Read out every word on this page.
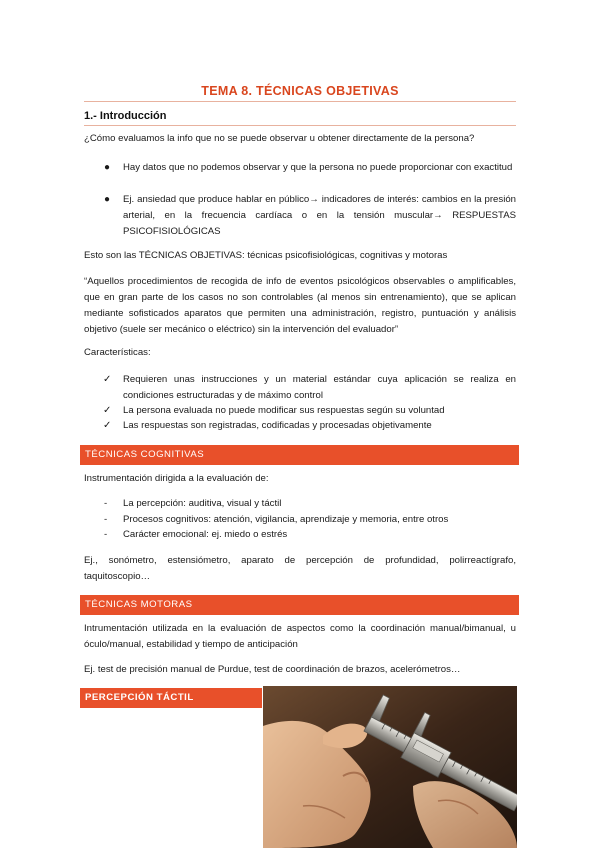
TEMA 8. TÉCNICAS OBJETIVAS
1.- Introducción
¿Cómo evaluamos la info que no se puede observar u obtener directamente de la persona?
●	Hay datos que no podemos observar y que la persona no puede proporcionar con exactitud
●	Ej. ansiedad que produce hablar en público→ indicadores de interés: cambios en la presión arterial, en la frecuencia cardíaca o en la tensión muscular→ RESPUESTAS PSICOFISIOLÓGICAS
Esto son las TÉCNICAS OBJETIVAS: técnicas psicofisiológicas, cognitivas y motoras
“Aquellos procedimientos de recogida de info de eventos psicológicos observables o amplificables, que en gran parte de los casos no son controlables (al menos sin entrenamiento), que se aplican mediante sofisticados aparatos que permiten una administración, registro, puntuación y análisis objetivo (suele ser mecánico o eléctrico) sin la intervención del evaluador”
Características:
✓	Requieren unas instrucciones y un material estándar cuya aplicación se realiza en condiciones estructuradas y de máximo control
✓	La persona evaluada no puede modificar sus respuestas según su voluntad
✓	Las respuestas son registradas, codificadas y procesadas objetivamente
TÉCNICAS COGNITIVAS
Instrumentación dirigida a la evaluación de:
-	La percepción: auditiva, visual y táctil
-	Procesos cognitivos: atención, vigilancia, aprendizaje y memoria, entre otros
-	Carácter emocional: ej. miedo o estrés
Ej., sonómetro, estensiómetro, aparato de percepción de profundidad, polirreactígrafo, taquitoscopio…
TÉCNICAS MOTORAS
Intrumentación utilizada en la evaluación de aspectos como la coordinación manual/bimanual, u óculo/manual, estabilidad y tiempo de anticipación
Ej. test de precisión manual de Purdue, test de coordinación de brazos, acelerómetros…
PERCEPCIÓN TÁCTIL
